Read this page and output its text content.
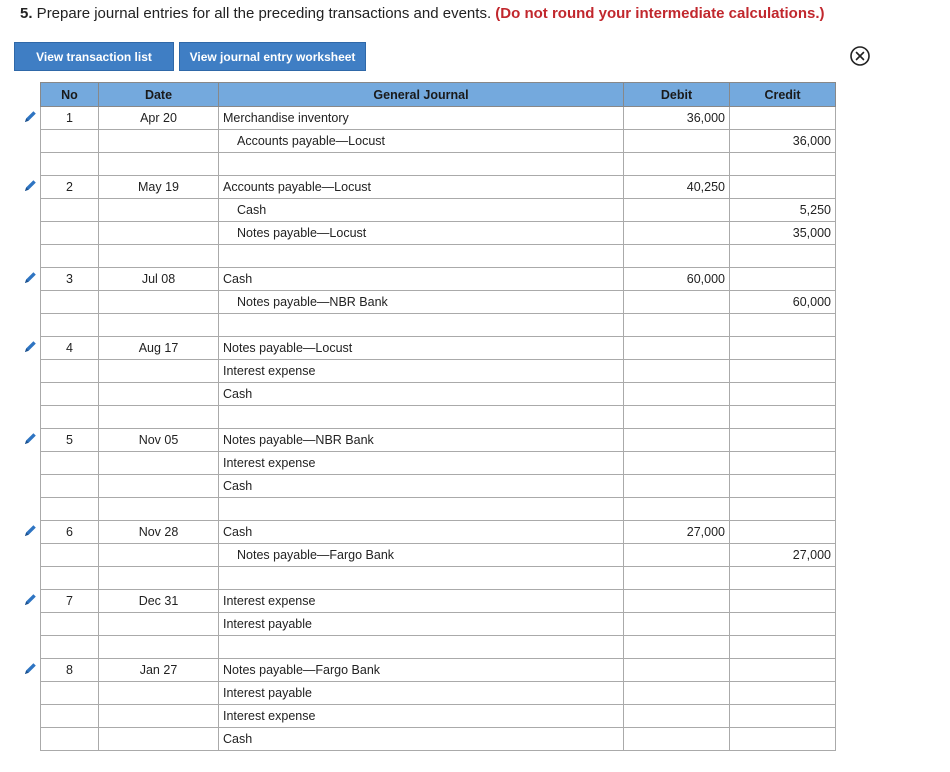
5. Prepare journal entries for all the preceding transactions and events. (Do not round your intermediate calculations.)
View transaction list	View journal entry worksheet
No	Date	General Journal	Debit	Credit
1	Apr 20	Merchandise inventory	36,000	
		Accounts payable—Locust		36,000

2	May 19	Accounts payable—Locust	40,250	
		Cash		5,250
		Notes payable—Locust		35,000

3	Jul 08	Cash	60,000	
		Notes payable—NBR Bank		60,000

4	Aug 17	Notes payable—Locust		
		Interest expense		
		Cash		

5	Nov 05	Notes payable—NBR Bank		
		Interest expense		
		Cash		

6	Nov 28	Cash	27,000	
		Notes payable—Fargo Bank		27,000

7	Dec 31	Interest expense		
		Interest payable		

8	Jan 27	Notes payable—Fargo Bank		
		Interest payable		
		Interest expense		
		Cash		
